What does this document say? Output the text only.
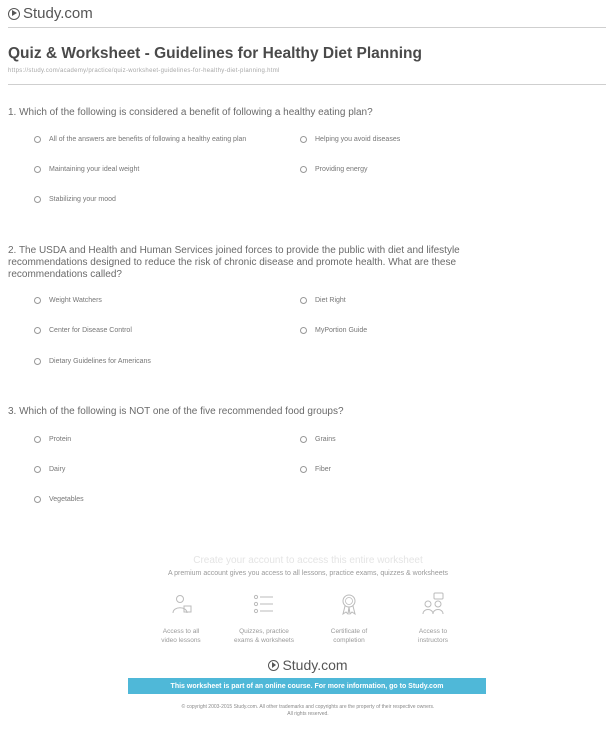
Study.com
Quiz & Worksheet - Guidelines for Healthy Diet Planning
https://study.com/academy/practice/quiz-worksheet-guidelines-for-healthy-diet-planning.html
1. Which of the following is considered a benefit of following a healthy eating plan?
All of the answers are benefits of following a healthy eating plan	Helping you avoid diseases
Maintaining your ideal weight	Providing energy
Stabilizing your mood
2. The USDA and Health and Human Services joined forces to provide the public with diet and lifestyle
recommendations designed to reduce the risk of chronic disease and promote health. What are these
recommendations called?
Weight Watchers	Diet Right
Center for Disease Control	MyPortion Guide
Dietary Guidelines for Americans
3. Which of the following is NOT one of the five recommended food groups?
Protein	Grains
Dairy	Fiber
Vegetables
Create your account to access this entire worksheet
A premium account gives you access to all lessons, practice exams, quizzes & worksheets
Access to all
video lessons
Quizzes, practice
exams & worksheets
Certificate of
completion
Access to
instructors
Study.com
This worksheet is part of an online course. For more information, go to Study.com
© copyright 2003-2015 Study.com. All other trademarks and copyrights are the property of their respective owners.
All rights reserved.
